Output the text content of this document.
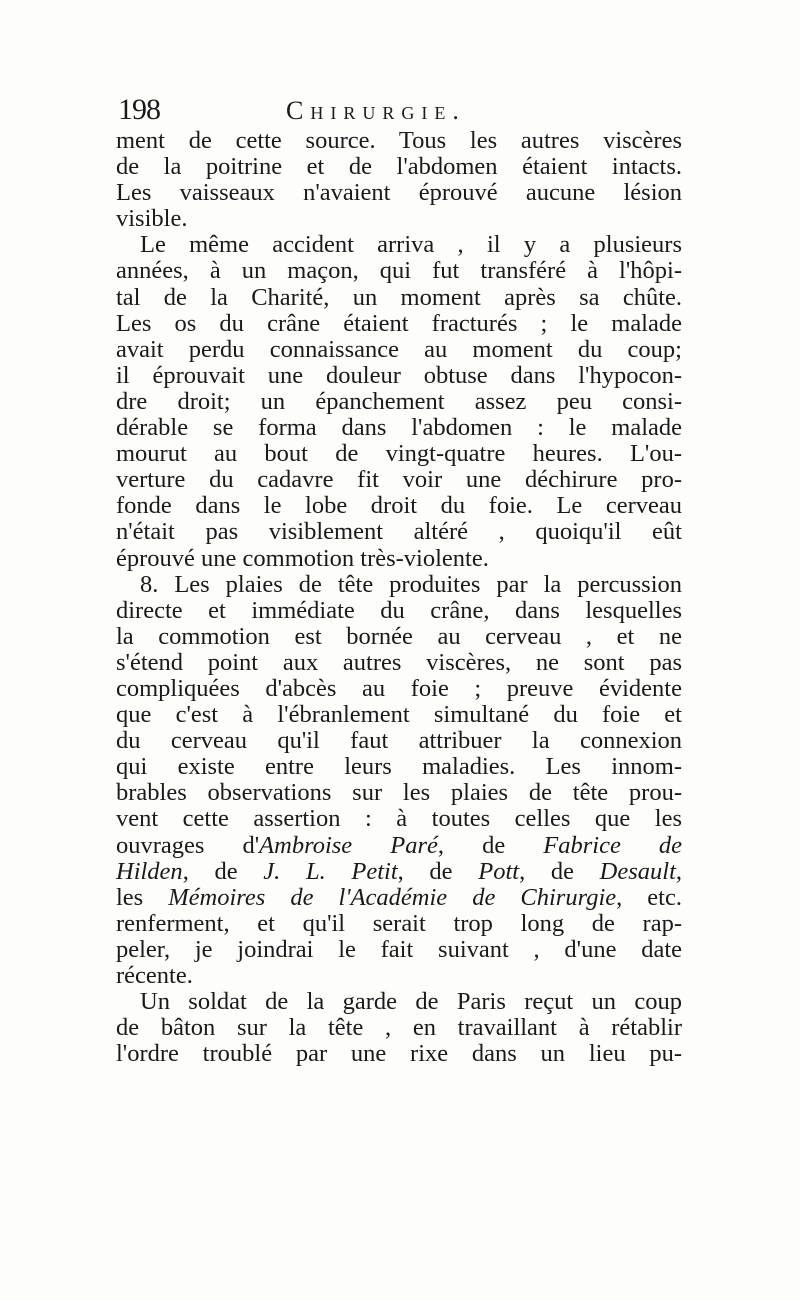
198	Chirurgie.
ment de cette source. Tous les autres viscères
de la poitrine et de l'abdomen étaient intacts.
Les vaisseaux n'avaient éprouvé aucune lésion
visible.
Le même accident arriva , il y a plusieurs
années, à un maçon, qui fut transféré à l'hôpi-
tal de la Charité, un moment après sa chûte.
Les os du crâne étaient fracturés ; le malade
avait perdu connaissance au moment du coup;
il éprouvait une douleur obtuse dans l'hypocon-
dre droit; un épanchement assez peu consi-
dérable se forma dans l'abdomen : le malade
mourut au bout de vingt-quatre heures. L'ou-
verture du cadavre fit voir une déchirure pro-
fonde dans le lobe droit du foie. Le cerveau
n'était pas visiblement altéré , quoiqu'il eût
éprouvé une commotion très-violente.
8. Les plaies de tête produites par la percussion
directe et immédiate du crâne, dans lesquelles
la commotion est bornée au cerveau , et ne
s'étend point aux autres viscères, ne sont pas
compliquées d'abcès au foie ; preuve évidente
que c'est à l'ébranlement simultané du foie et
du cerveau qu'il faut attribuer la connexion
qui existe entre leurs maladies. Les innom-
brables observations sur les plaies de tête prou-
vent cette assertion : à toutes celles que les
ouvrages d'Ambroise Paré, de Fabrice de
Hilden, de J. L. Petit, de Pott, de Desault,
les Mémoires de l'Académie de Chirurgie, etc.
renferment, et qu'il serait trop long de rap-
peler, je joindrai le fait suivant , d'une date
récente.
Un soldat de la garde de Paris reçut un coup
de bâton sur la tête , en travaillant à rétablir
l'ordre troublé par une rixe dans un lieu pu-
